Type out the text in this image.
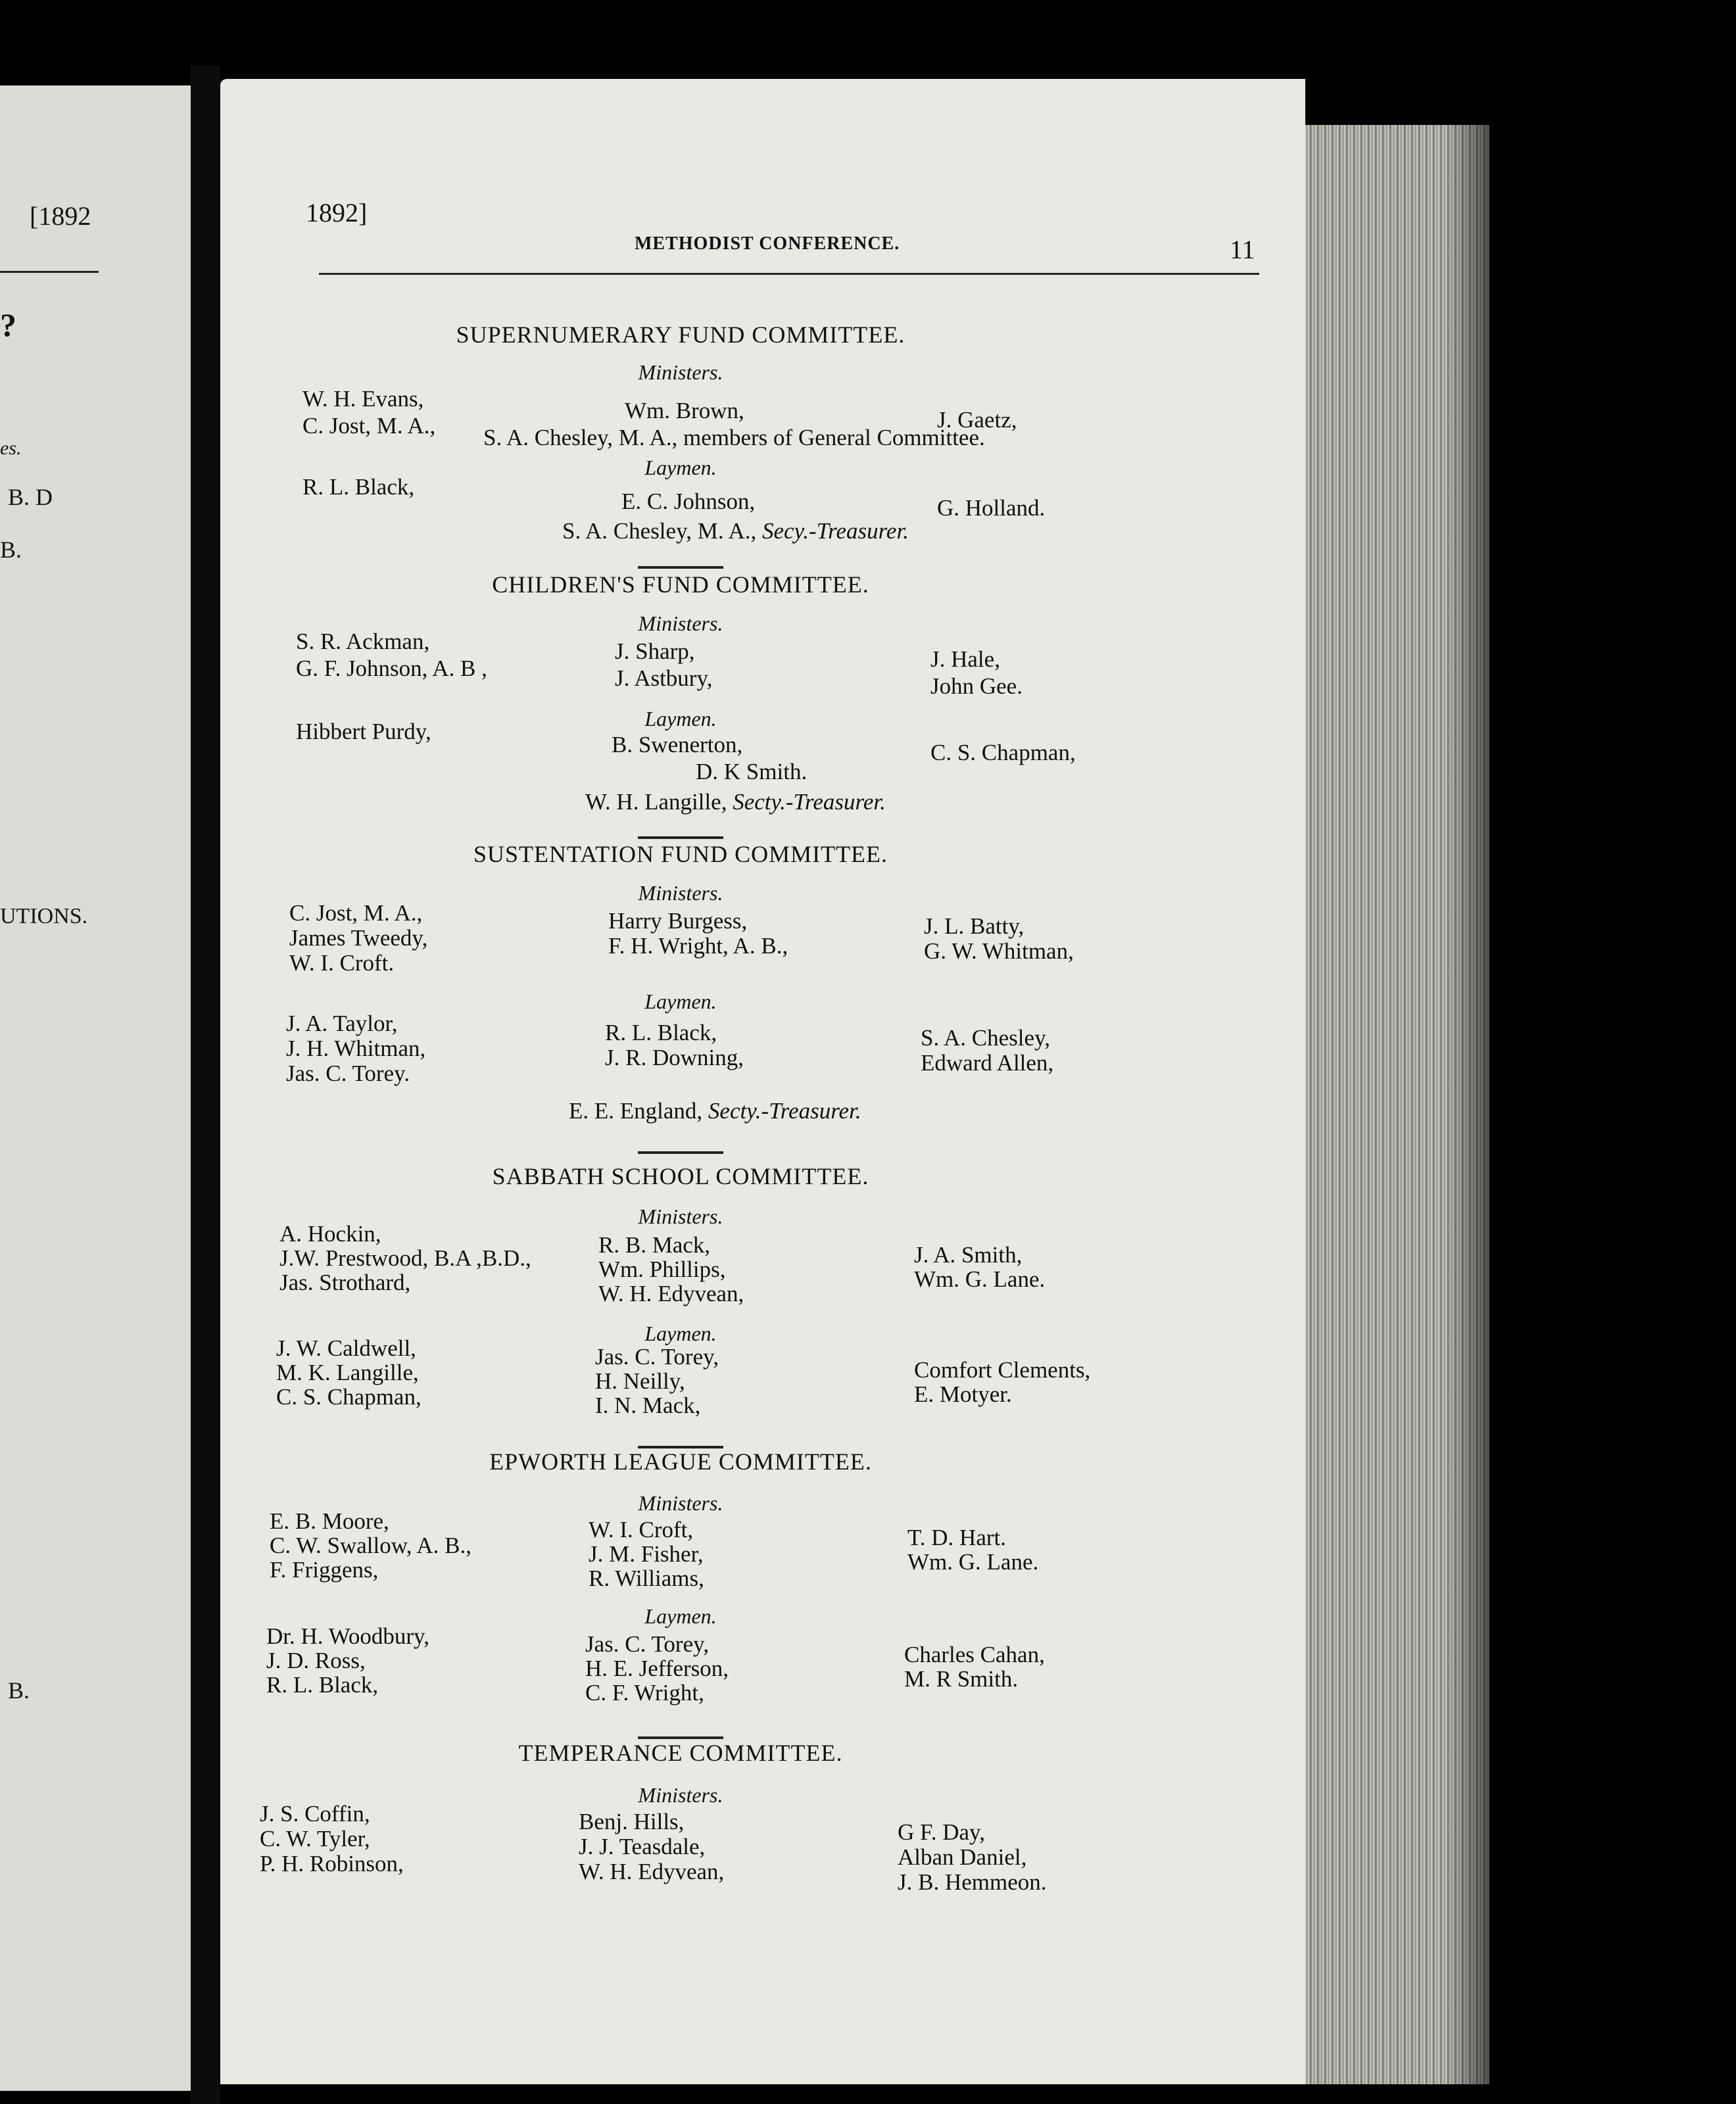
[1892
?
es.
B. D
B.
UTIONS.
B.
1892]
METHODIST CONFERENCE.	11
SUPERNUMERARY FUND COMMITTEE.
Ministers.
W. H. Evans,
C. Jost, M. A.,
Wm. Brown,
S. A. Chesley, M. A., members of General Committee.
J. Gaetz,
Laymen.
R. L. Black,
E. C. Johnson,	G. Holland.
S. A. Chesley, M. A., Secy.-Treasurer.
CHILDREN'S FUND COMMITTEE.
Ministers.
S. R. Ackman,
G. F. Johnson, A. B ,
J. Sharp,
J. Astbury,
J. Hale,
John Gee.
Laymen.
Hibbert Purdy,
B. Swenerton,
D. K Smith.
C. S. Chapman,
W. H. Langille, Secty.-Treasurer.
SUSTENTATION FUND COMMITTEE.
Ministers.
C. Jost, M. A.,
James Tweedy,
W. I. Croft.
Harry Burgess,
F. H. Wright, A. B.,
J. L. Batty,
G. W. Whitman,
Laymen.
J. A. Taylor,
J. H. Whitman,
Jas. C. Torey.
R. L. Black,
J. R. Downing,
S. A. Chesley,
Edward Allen,
E. E. England, Secty.-Treasurer.
SABBATH SCHOOL COMMITTEE.
Ministers.
A. Hockin,
J.W. Prestwood, B.A ,B.D.,
Jas. Strothard,
R. B. Mack,
Wm. Phillips,
W. H. Edyvean,
J. A. Smith,
Wm. G. Lane.
Laymen.
J. W. Caldwell,
M. K. Langille,
C. S. Chapman,
Jas. C. Torey,
H. Neilly,
I. N. Mack,
Comfort Clements,
E. Motyer.
EPWORTH LEAGUE COMMITTEE.
Ministers.
E. B. Moore,
C. W. Swallow, A. B.,
F. Friggens,
W. I. Croft,
J. M. Fisher,
R. Williams,
T. D. Hart.
Wm. G. Lane.
Laymen.
Dr. H. Woodbury,
J. D. Ross,
R. L. Black,
Jas. C. Torey,
H. E. Jefferson,
C. F. Wright,
Charles Cahan,
M. R Smith.
TEMPERANCE COMMITTEE.
Ministers.
J. S. Coffin,
C. W. Tyler,
P. H. Robinson,
Benj. Hills,
J. J. Teasdale,
W. H. Edyvean,
G F. Day,
Alban Daniel,
J. B. Hemmeon.
